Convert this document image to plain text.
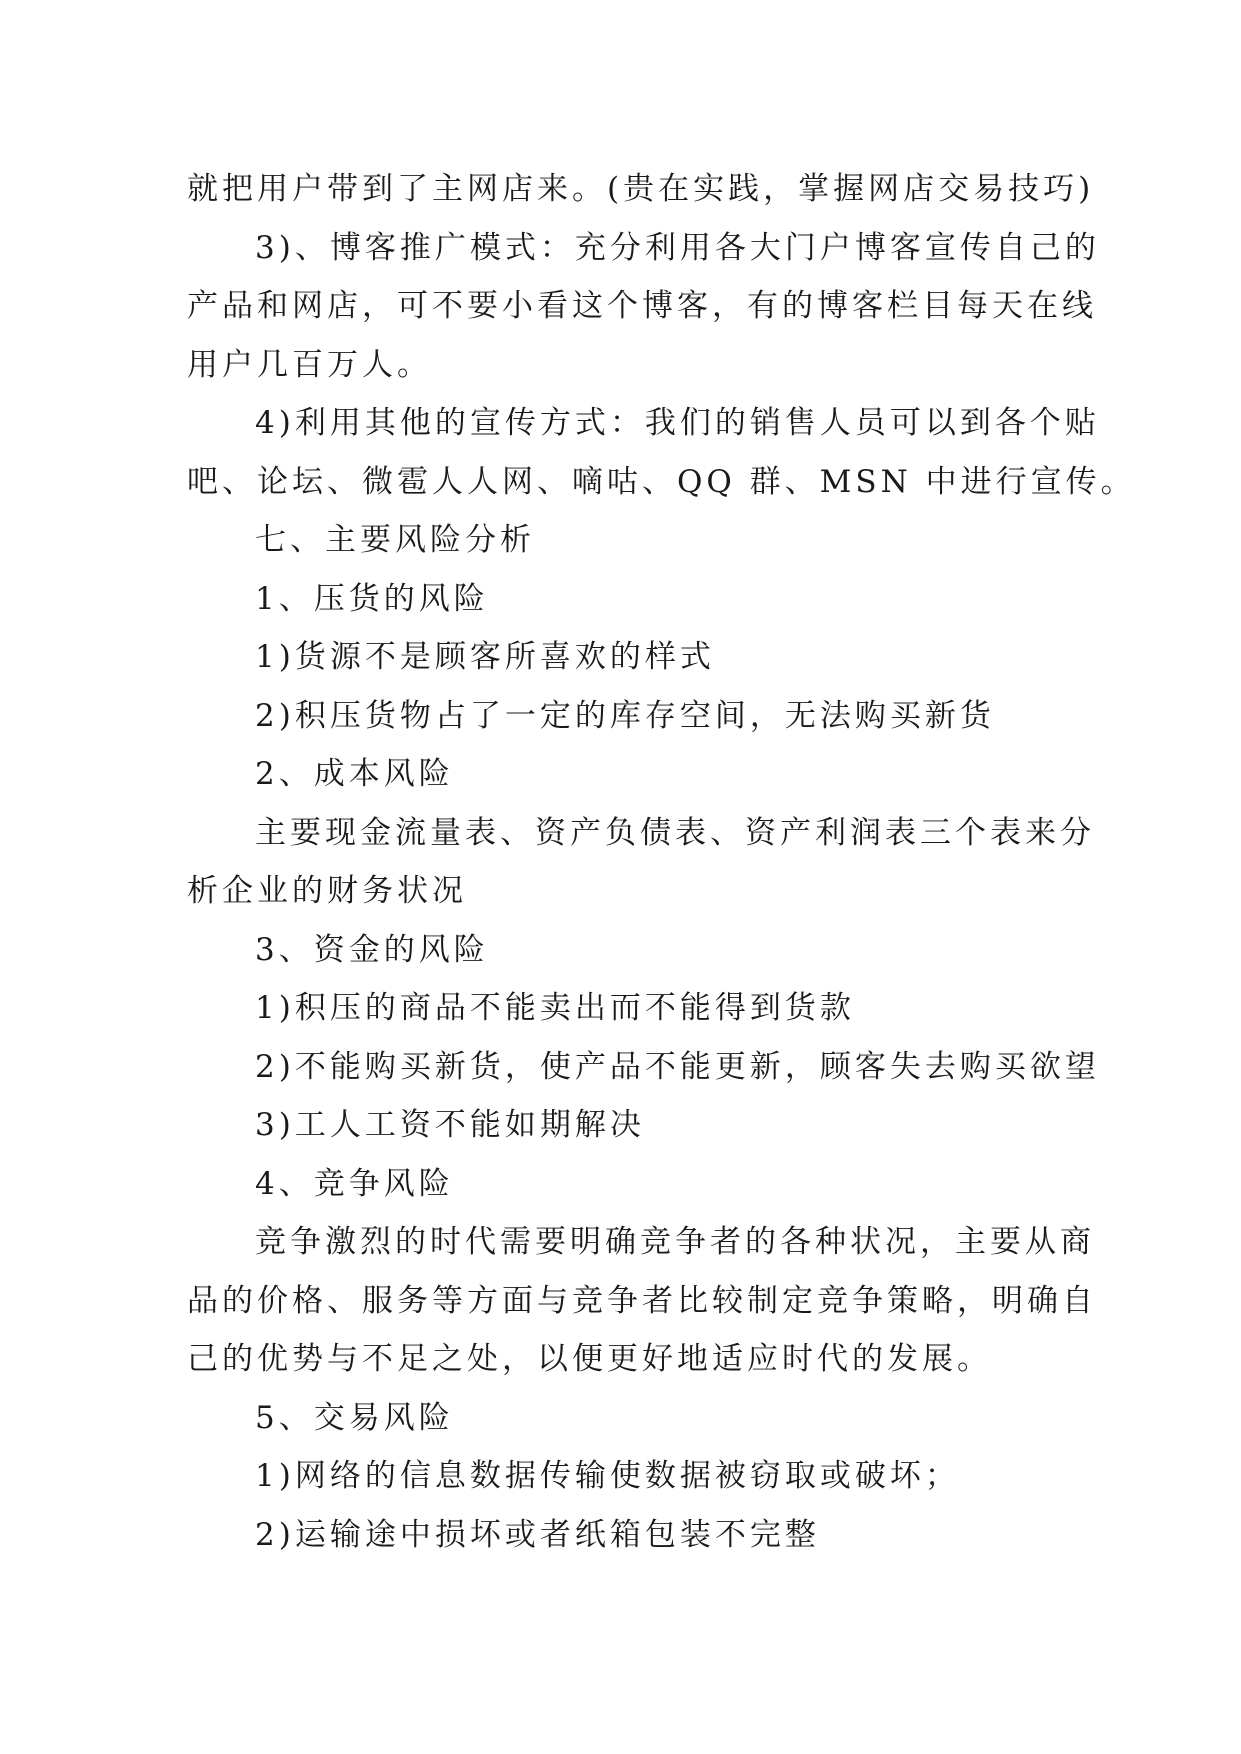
就把用户带到了主网店来。(贵在实践，掌握网店交易技巧)

3)、博客推广模式：充分利用各大门户博客宣传自己的

产品和网店，可不要小看这个博客，有的博客栏目每天在线

用户几百万人。

4)利用其他的宣传方式：我们的销售人员可以到各个贴

吧、论坛、微雹人人网、嘀咕、QQ 群、MSN 中进行宣传。

七、主要风险分析

1、压货的风险

1)货源不是顾客所喜欢的样式

2)积压货物占了一定的库存空间，无法购买新货

2、成本风险

主要现金流量表、资产负债表、资产利润表三个表来分

析企业的财务状况

3、资金的风险

1)积压的商品不能卖出而不能得到货款

2)不能购买新货，使产品不能更新，顾客失去购买欲望

3)工人工资不能如期解决

4、竞争风险

竞争激烈的时代需要明确竞争者的各种状况，主要从商

品的价格、服务等方面与竞争者比较制定竞争策略，明确自

己的优势与不足之处，以便更好地适应时代的发展。

5、交易风险

1)网络的信息数据传输使数据被窃取或破坏；

2)运输途中损坏或者纸箱包装不完整
